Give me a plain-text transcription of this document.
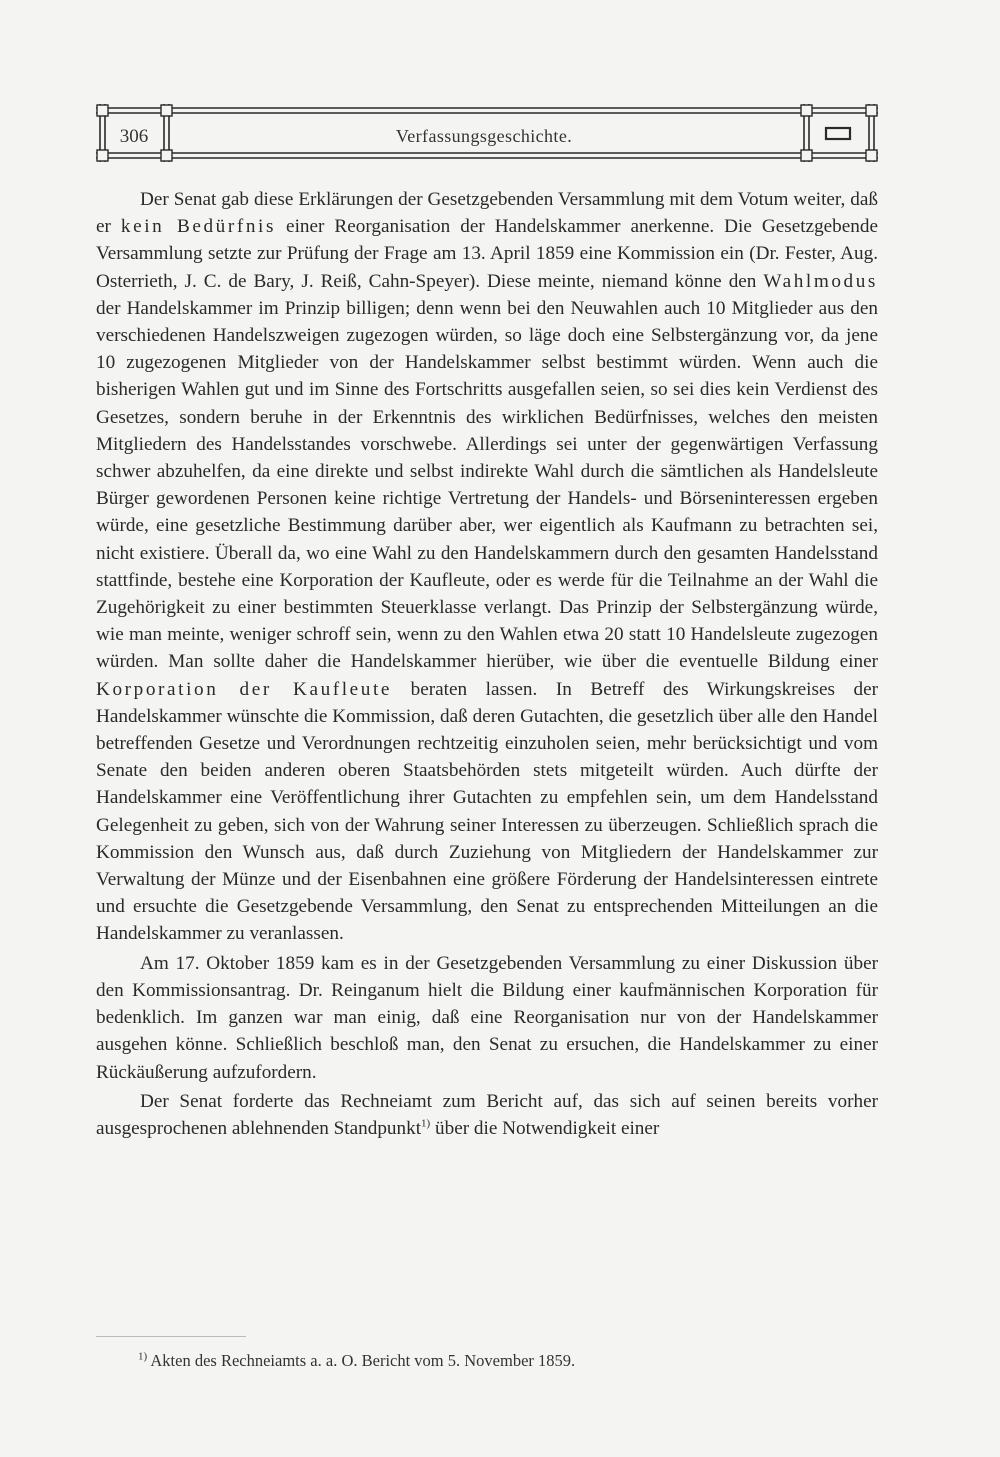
306	Verfassungsgeschichte.

Der Senat gab diese Erklärungen der Gesetzgebenden Versammlung mit dem Votum weiter, daß er kein Bedürfnis einer Reorganisation der Handelskammer anerkenne. Die Gesetzgebende Versammlung setzte zur Prüfung der Frage am 13. April 1859 eine Kommission ein (Dr. Fester, Aug. Osterrieth, J. C. de Bary, J. Reiß, Cahn-Speyer). Diese meinte, niemand könne den Wahlmodus der Handelskammer im Prinzip billigen; denn wenn bei den Neuwahlen auch 10 Mitglieder aus den verschiedenen Handelszweigen zugezogen würden, so läge doch eine Selbstergänzung vor, da jene 10 zugezogenen Mitglieder von der Handelskammer selbst bestimmt würden. Wenn auch die bisherigen Wahlen gut und im Sinne des Fortschritts ausgefallen seien, so sei dies kein Verdienst des Gesetzes, sondern beruhe in der Erkenntnis des wirklichen Bedürfnisses, welches den meisten Mitgliedern des Handelsstandes vorschwebe. Allerdings sei unter der gegenwärtigen Verfassung schwer abzuhelfen, da eine direkte und selbst indirekte Wahl durch die sämtlichen als Handelsleute Bürger gewordenen Personen keine richtige Vertretung der Handels- und Börseninteressen ergeben würde, eine gesetzliche Bestimmung darüber aber, wer eigentlich als Kaufmann zu betrachten sei, nicht existiere. Überall da, wo eine Wahl zu den Handelskammern durch den gesamten Handelsstand stattfinde, bestehe eine Korporation der Kaufleute, oder es werde für die Teilnahme an der Wahl die Zugehörigkeit zu einer bestimmten Steuerklasse verlangt. Das Prinzip der Selbstergänzung würde, wie man meinte, weniger schroff sein, wenn zu den Wahlen etwa 20 statt 10 Handelsleute zugezogen würden. Man sollte daher die Handelskammer hierüber, wie über die eventuelle Bildung einer Korporation der Kaufleute beraten lassen. In Betreff des Wirkungskreises der Handelskammer wünschte die Kommission, daß deren Gutachten, die gesetzlich über alle den Handel betreffenden Gesetze und Verordnungen rechtzeitig einzuholen seien, mehr berücksichtigt und vom Senate den beiden anderen oberen Staatsbehörden stets mitgeteilt würden. Auch dürfte der Handelskammer eine Veröffentlichung ihrer Gutachten zu empfehlen sein, um dem Handelsstand Gelegenheit zu geben, sich von der Wahrung seiner Interessen zu überzeugen. Schließlich sprach die Kommission den Wunsch aus, daß durch Zuziehung von Mitgliedern der Handelskammer zur Verwaltung der Münze und der Eisenbahnen eine größere Förderung der Handelsinteressen eintrete und ersuchte die Gesetzgebende Versammlung, den Senat zu entsprechenden Mitteilungen an die Handelskammer zu veranlassen.

Am 17. Oktober 1859 kam es in der Gesetzgebenden Versammlung zu einer Diskussion über den Kommissionsantrag. Dr. Reinganum hielt die Bildung einer kaufmännischen Korporation für bedenklich. Im ganzen war man einig, daß eine Reorganisation nur von der Handelskammer ausgehen könne. Schließlich beschloß man, den Senat zu ersuchen, die Handelskammer zu einer Rückäußerung aufzufordern.

Der Senat forderte das Rechneiamt zum Bericht auf, das sich auf seinen bereits vorher ausgesprochenen ablehnenden Standpunkt$^{1)}$ über die Notwendigkeit einer

$^{1)}$ Akten des Rechneiamts a. a. O. Bericht vom 5. November 1859.
